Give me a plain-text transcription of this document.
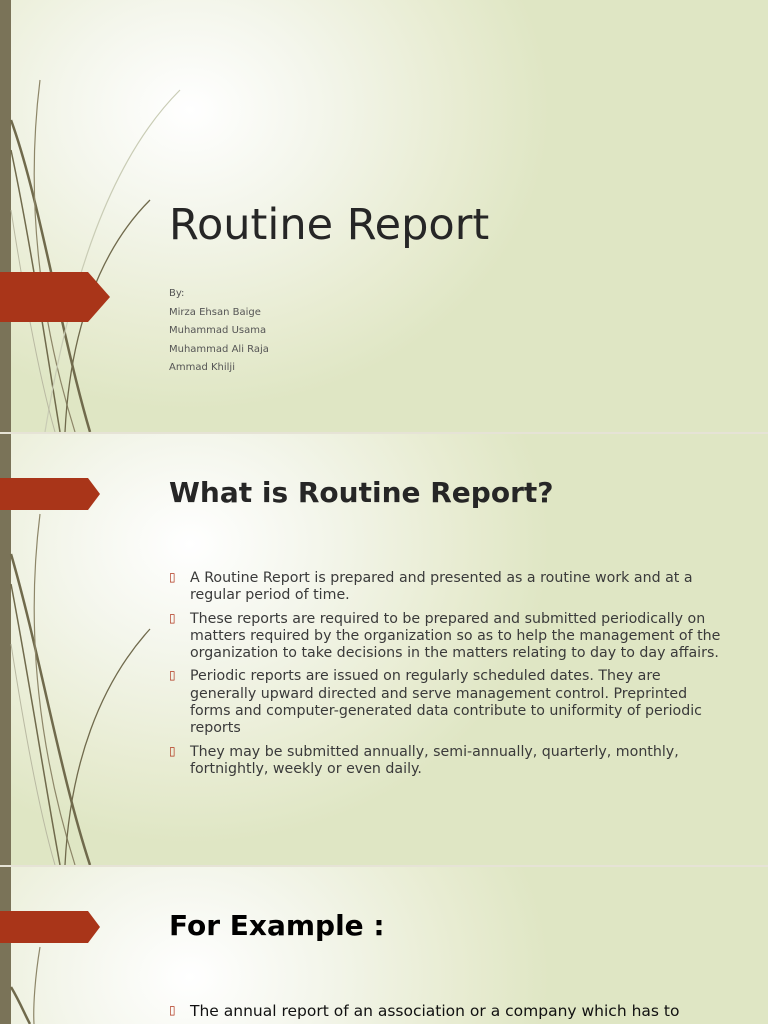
Routine Report
By:
Mirza Ehsan Baige
Muhammad Usama
Muhammad Ali Raja
Ammad Khilji
What is Routine Report?
▯ A Routine Report is prepared and presented as a routine work and at a regular period of time.
▯ These reports are required to be prepared and submitted periodically on matters required by the organization so as to help the management of the organization to take decisions in the matters relating to day to day affairs.
▯ Periodic reports are issued on regularly scheduled dates. They are generally upward directed and serve management control. Preprinted forms and computer-generated data contribute to uniformity of periodic reports
▯ They may be submitted annually, semi-annually, quarterly, monthly, fortnightly, weekly or even daily.
For Example :
▯ The annual report of an association or a company which has to
